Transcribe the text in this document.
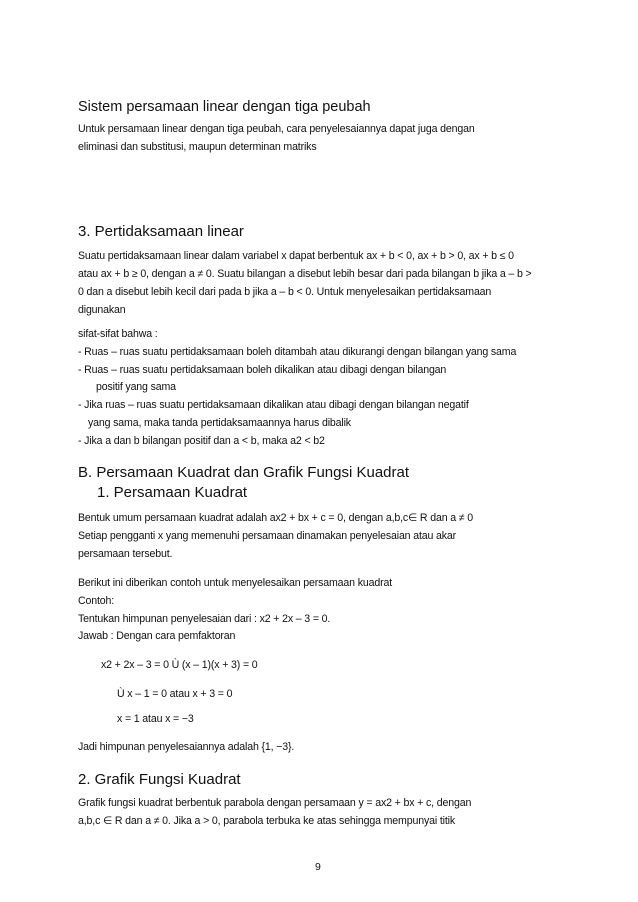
Sistem persamaan linear dengan tiga peubah
Untuk persamaan linear dengan tiga peubah, cara penyelesaiannya dapat juga dengan
eliminasi dan substitusi, maupun determinan matriks
3. Pertidaksamaan linear
Suatu pertidaksamaan linear dalam variabel x dapat berbentuk ax + b < 0, ax + b > 0, ax + b ≤ 0
atau ax + b ≥ 0, dengan a ≠ 0. Suatu bilangan a disebut lebih besar dari pada bilangan b jika a – b >
0 dan a disebut lebih kecil dari pada b jika a – b < 0. Untuk menyelesaikan pertidaksamaan
digunakan
sifat-sifat bahwa :
- Ruas – ruas suatu pertidaksamaan boleh ditambah atau dikurangi dengan bilangan yang sama
- Ruas – ruas suatu pertidaksamaan boleh dikalikan atau dibagi dengan bilangan
positif yang sama
- Jika ruas – ruas suatu pertidaksamaan dikalikan atau dibagi dengan bilangan negatif
yang sama, maka tanda pertidaksamaannya harus dibalik
- Jika a dan b bilangan positif dan a < b, maka a2 < b2
B. Persamaan Kuadrat dan Grafik Fungsi Kuadrat
1. Persamaan Kuadrat
Bentuk umum persamaan kuadrat adalah ax2 + bx + c = 0, dengan a,b,c∈ R dan a ≠ 0
Setiap pengganti x yang memenuhi persamaan dinamakan penyelesaian atau akar
persamaan tersebut.
Berikut ini diberikan contoh untuk menyelesaikan persamaan kuadrat
Contoh:
Tentukan himpunan penyelesaian dari : x2 + 2x – 3 = 0.
Jawab : Dengan cara pemfaktoran
x2 + 2x – 3 = 0 Ù (x – 1)(x + 3) = 0
Ù x – 1 = 0 atau x + 3 = 0
x = 1 atau x = −3
Jadi himpunan penyelesaiannya adalah {1, −3}.
2. Grafik Fungsi Kuadrat
Grafik fungsi kuadrat berbentuk parabola dengan persamaan y = ax2 + bx + c, dengan
a,b,c ∈ R dan a ≠ 0. Jika a > 0, parabola terbuka ke atas sehingga mempunyai titik
9
